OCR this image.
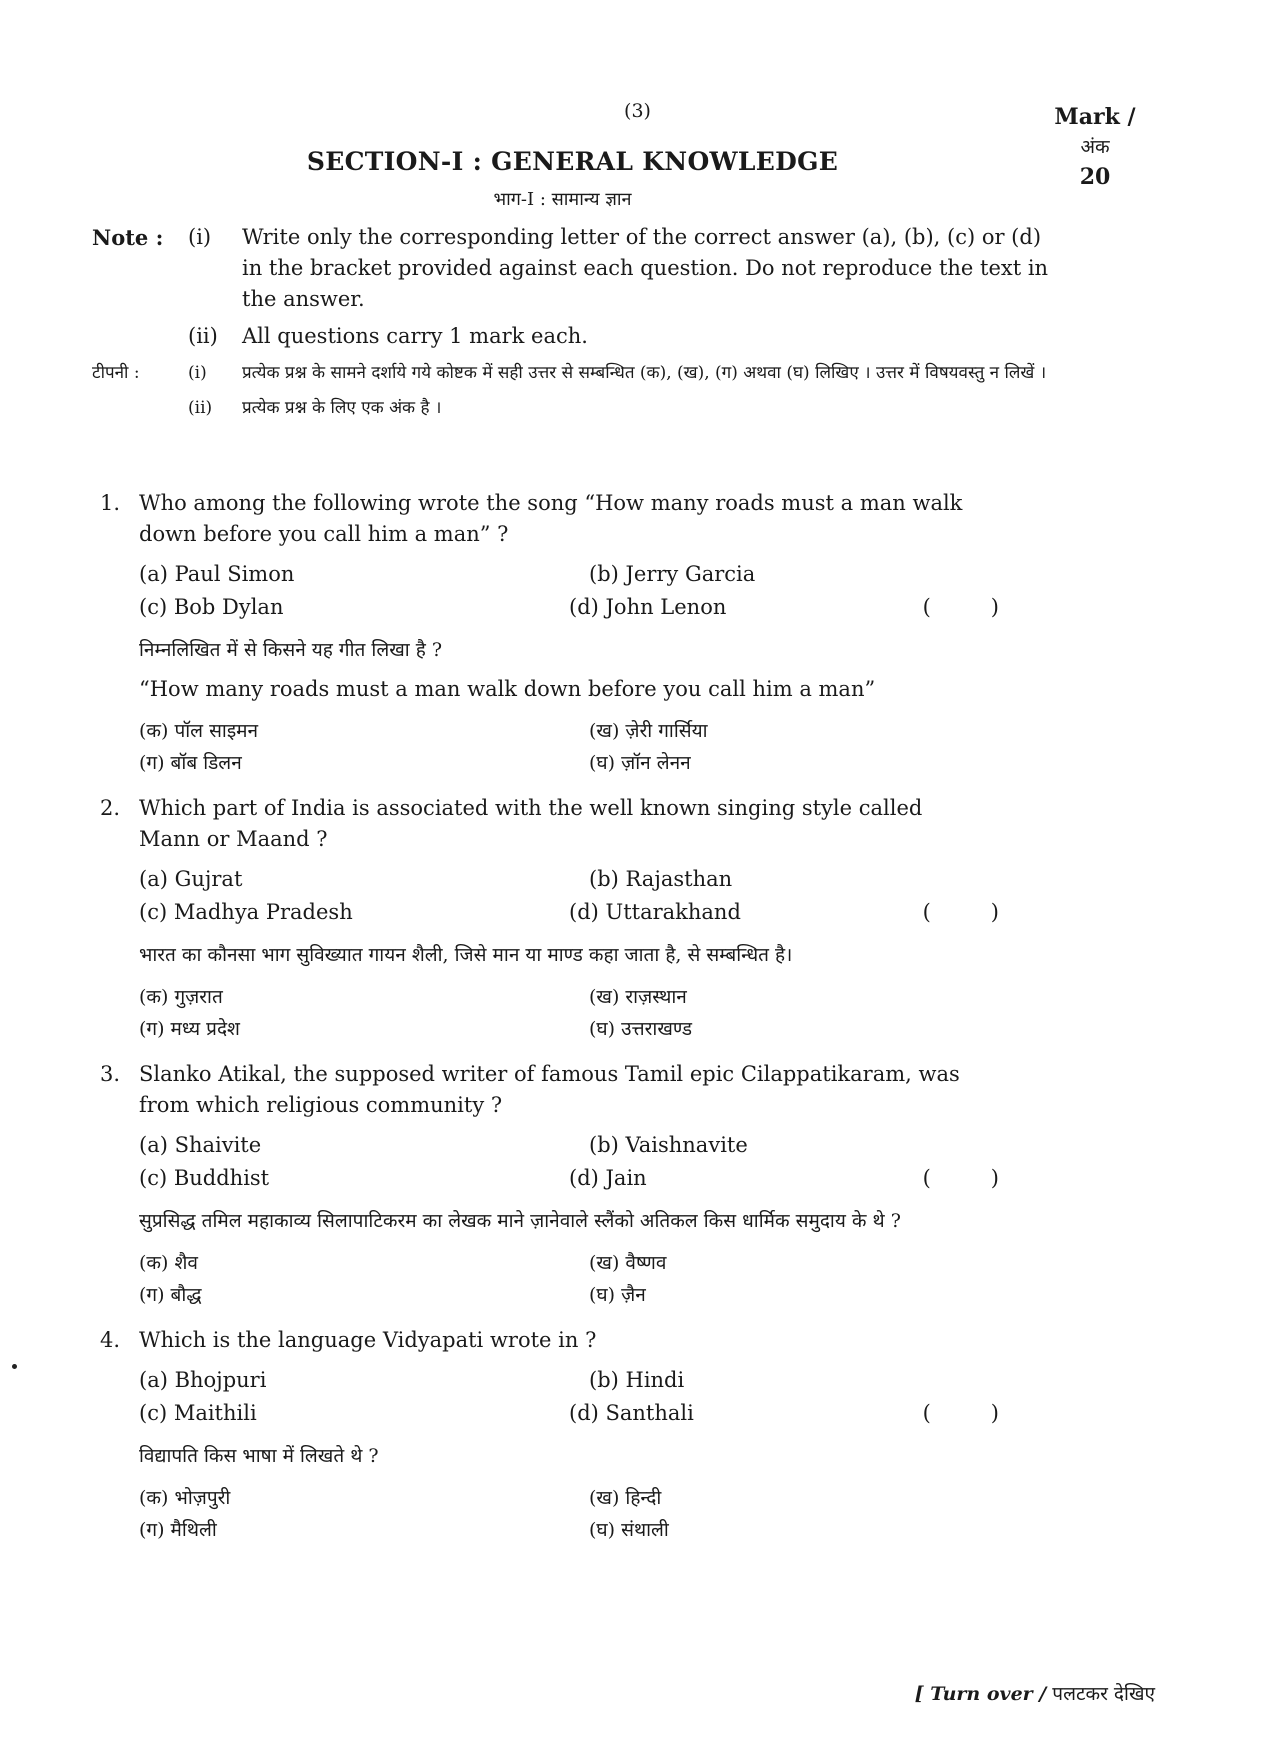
(3)	Mark /
अंक
20
SECTION-I : GENERAL KNOWLEDGE
भाग-I : सामान्य ज्ञान
Note :	(i)	Write only the corresponding letter of the correct answer (a), (b), (c) or (d) in the bracket provided against each question. Do not reproduce the text in the answer.
(ii)	All questions carry 1 mark each.
टीपनी :	(i)	प्रत्येक प्रश्न के सामने दर्शाये गये कोष्टक में सही उत्तर से सम्बन्धित (क), (ख), (ग) अथवा (घ) लिखिए । उत्तर में विषयवस्तु न लिखें ।
(ii)	प्रत्येक प्रश्न के लिए एक अंक है ।
1. Who among the following wrote the song “How many roads must a man walk down before you call him a man” ?
(a) Paul Simon	(b) Jerry Garcia
(c) Bob Dylan	(d) John Lenon	(	)
निम्नलिखित में से किसने यह गीत लिखा है ?
“How many roads must a man walk down before you call him a man”
(क) पॉल साइमन	(ख) ज़ेरी गार्सिया
(ग) बॉब डिलन	(घ) ज़ॉन लेनन
2. Which part of India is associated with the well known singing style called Mann or Maand ?
(a) Gujrat	(b) Rajasthan
(c) Madhya Pradesh	(d) Uttarakhand	(	)
भारत का कौनसा भाग सुविख्यात गायन शैली, जिसे मान या माण्ड कहा जाता है, से सम्बन्धित है।
(क) गुज़रात	(ख) राज़स्थान
(ग) मध्य प्रदेश	(घ) उत्तराखण्ड
3. Slanko Atikal, the supposed writer of famous Tamil epic Cilappatikaram, was from which religious community ?
(a) Shaivite	(b) Vaishnavite
(c) Buddhist	(d) Jain	(	)
सुप्रसिद्ध तमिल महाकाव्य सिलापाटिकरम का लेखक माने ज़ानेवाले स्लैंको अतिकल किस धार्मिक समुदाय के थे ?
(क) शैव	(ख) वैष्णव
(ग) बौद्ध	(घ) ज़ैन
4. Which is the language Vidyapati wrote in ?
(a) Bhojpuri	(b) Hindi
(c) Maithili	(d) Santhali	(	)
विद्यापति किस भाषा में लिखते थे ?
(क) भोज़पुरी	(ख) हिन्दी
(ग) मैथिली	(घ) संथाली
[ Turn over / पलटकर देखिए
